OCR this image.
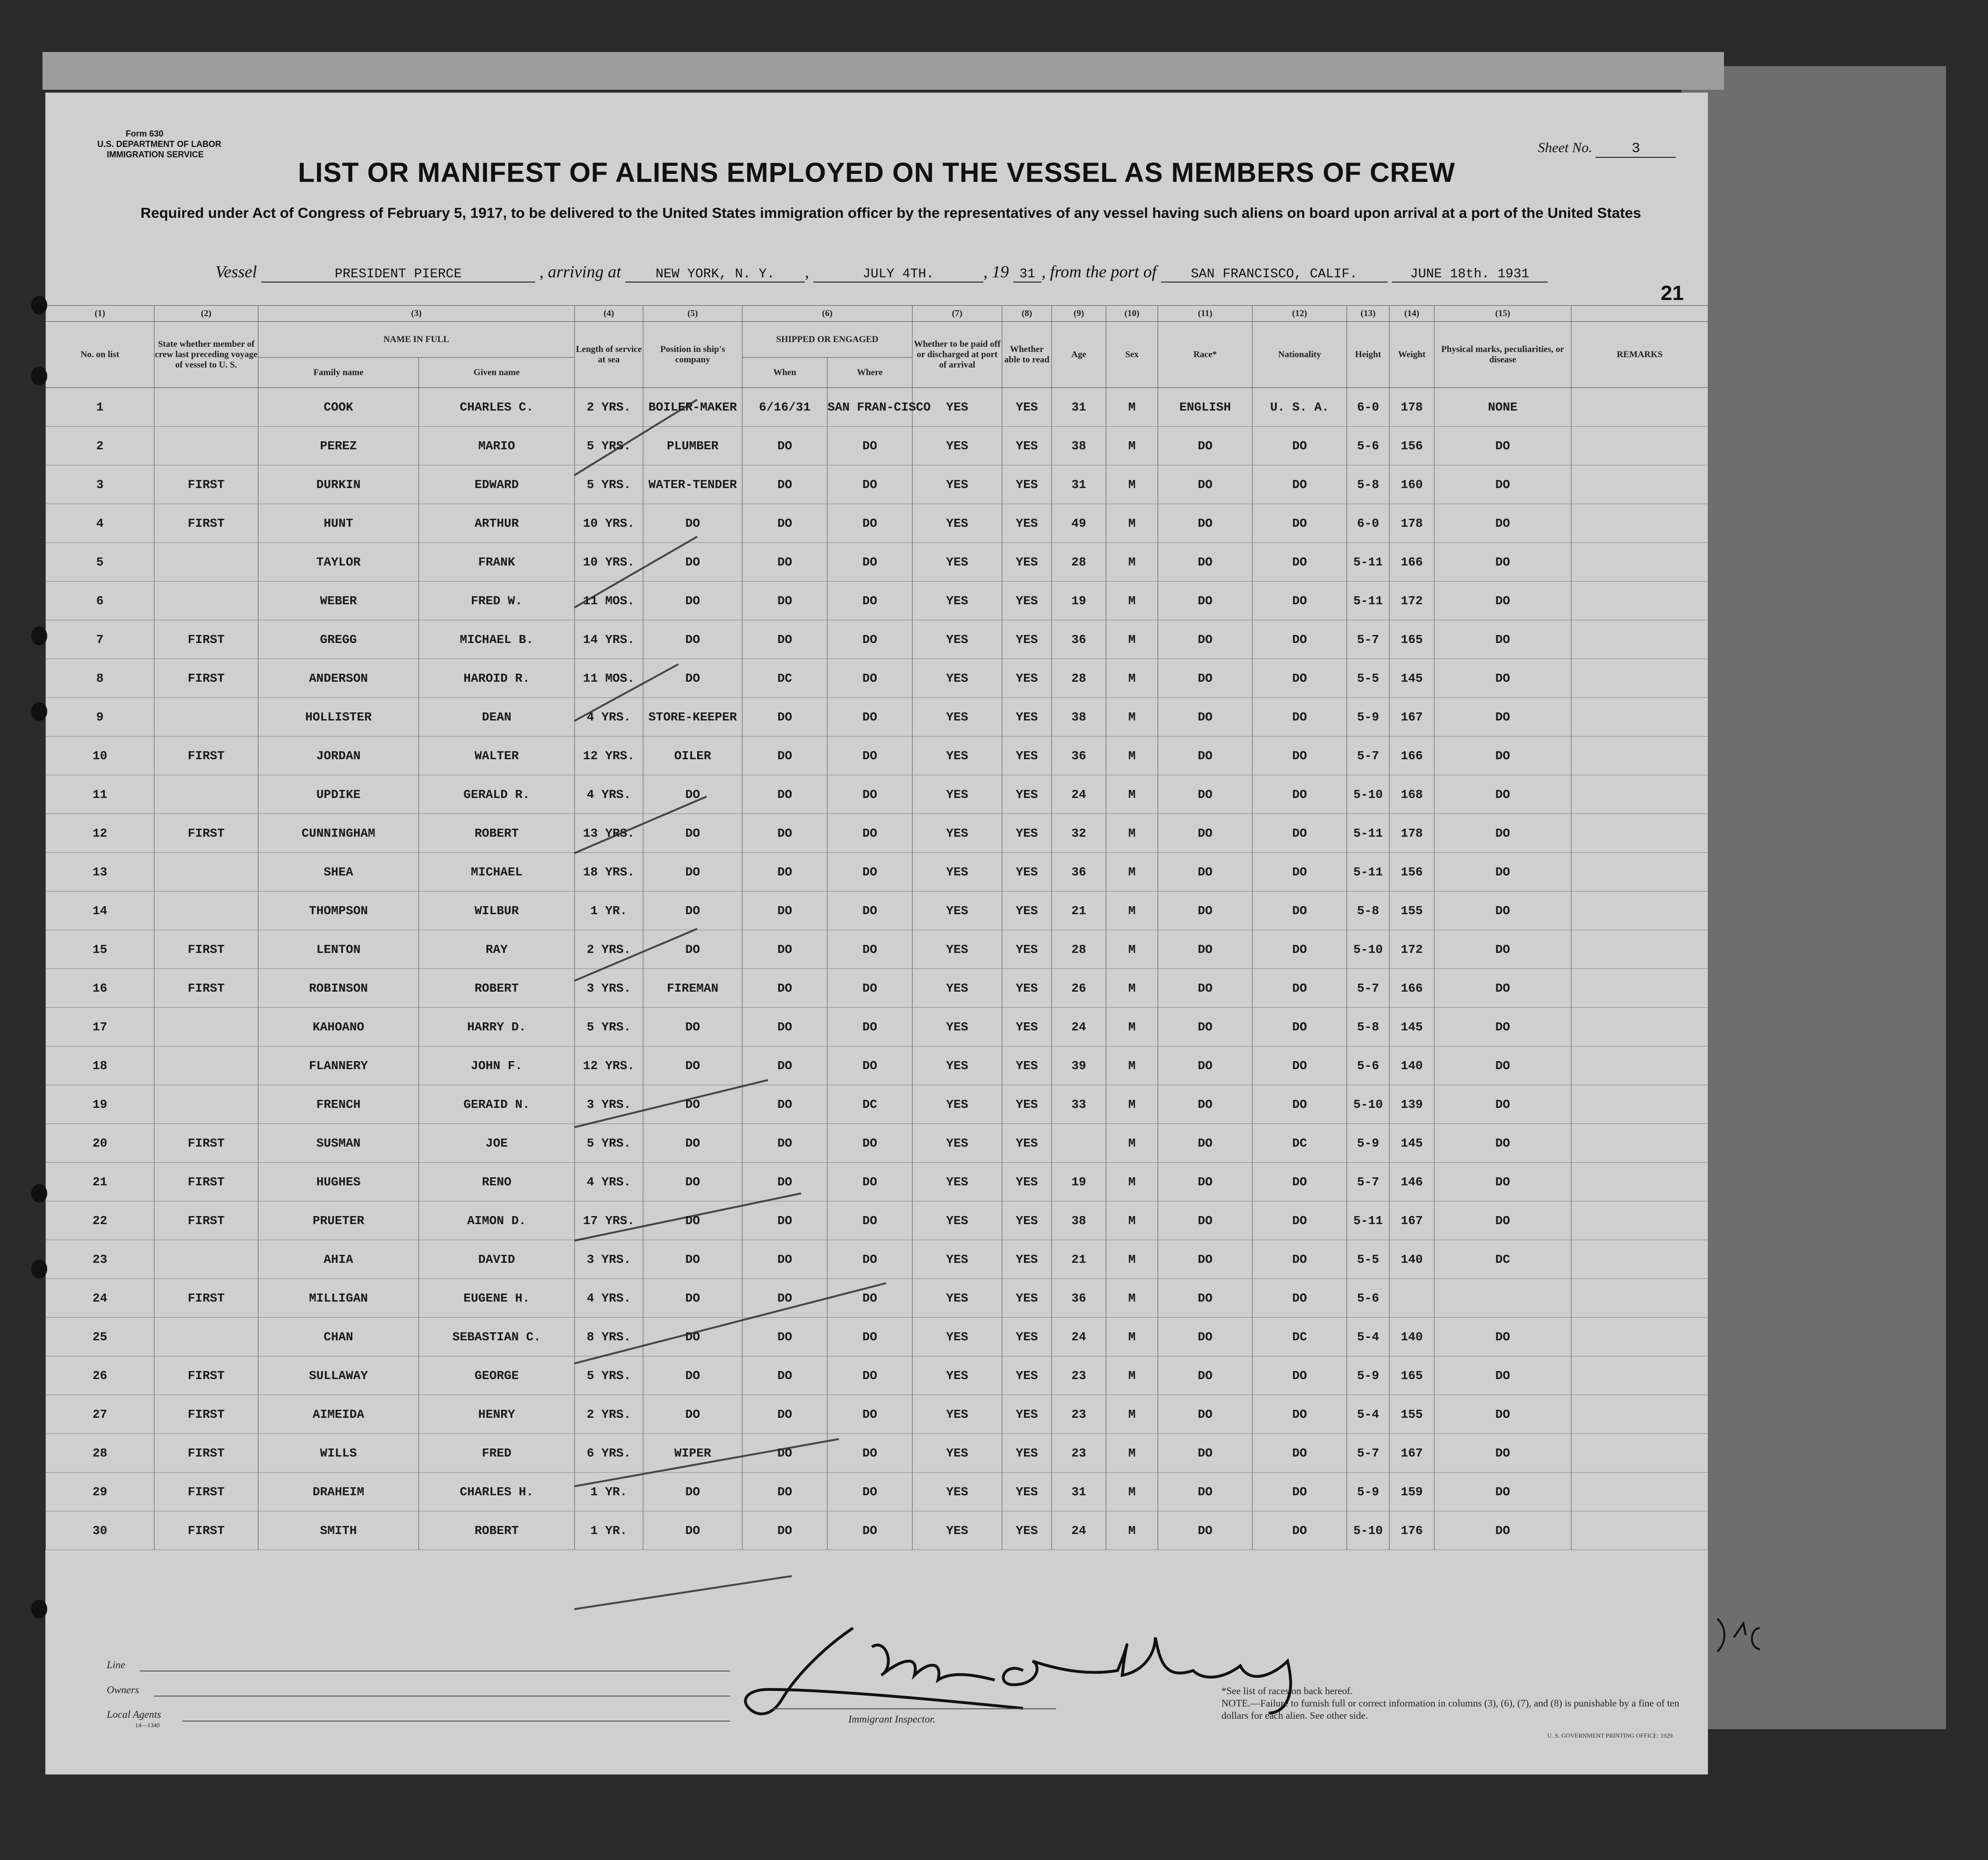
Form 630
U.S. DEPARTMENT OF LABOR
IMMIGRATION SERVICE	Sheet No.	3
LIST OR MANIFEST OF ALIENS EMPLOYED ON THE VESSEL AS MEMBERS OF CREW
Required under Act of Congress of February 5, 1917, to be delivered to the United States immigration officer by the representatives of any vessel having such aliens on board upon arrival at a port of the United States
Vessel	PRESIDENT PIERCE	, arriving at	NEW YORK, N. Y. ,	JULY 4TH.	, 19 31 , from the port of	SAN FRANCISCO, CALIF.	JUNE 18th. 1931
21
(1)	(2)	(3)		(4)	(5)	(6)		(7)	(8)	(9)	(10)	(11)	(12)	(13)	(14)	(15)	
No. on list	State whether member of crew last preceding voyage of vessel to U. S.	NAME IN FULL		Length of service at sea	Position in ship's company	SHIPPED OR ENGAGED		Whether to be paid off or discharged at port of arrival	Whether able to read	Age	Sex	Race*	Nationality	Height	Weight	Physical marks, peculiarities, or disease	REMARKS
		Family name	Given name			When	Where										
1		COOK	CHARLES C.	2 YRS.	BOILER-MAKER	6/16/31	SAN FRAN-CISCO	YES	YES	31	M	ENGLISH	U. S. A.	6-0	178	NONE	
2		PEREZ	MARIO	5 YRS.	PLUMBER	DO	DO	YES	YES	38	M	DO	DO	5-6	156	DO	
3	FIRST	DURKIN	EDWARD	5 YRS.	WATER-TENDER	DO	DO	YES	YES	31	M	DO	DO	5-8	160	DO	
4	FIRST	HUNT	ARTHUR	10 YRS.	DO	DO	DO	YES	YES	49	M	DO	DO	6-0	178	DO	
5		TAYLOR	FRANK	10 YRS.	DO	DO	DO	YES	YES	28	M	DO	DO	5-11	166	DO	
6		WEBER	FRED W.	11 MOS.	DO	DO	DO	YES	YES	19	M	DO	DO	5-11	172	DO	
7	FIRST	GREGG	MICHAEL B.	14 YRS.	DO	DO	DO	YES	YES	36	M	DO	DO	5-7	165	DO	
8	FIRST	ANDERSON	HAROID R.	11 MOS.	DO	DC	DO	YES	YES	28	M	DO	DO	5-5	145	DO	
9		HOLLISTER	DEAN	4 YRS.	STORE-KEEPER	DO	DO	YES	YES	38	M	DO	DO	5-9	167	DO	
10	FIRST	JORDAN	WALTER	12 YRS.	OILER	DO	DO	YES	YES	36	M	DO	DO	5-7	166	DO	
11		UPDIKE	GERALD R.	4 YRS.	DO	DO	DO	YES	YES	24	M	DO	DO	5-10	168	DO	
12	FIRST	CUNNINGHAM	ROBERT	13 YRS.	DO	DO	DO	YES	YES	32	M	DO	DO	5-11	178	DO	
13		SHEA	MICHAEL	18 YRS.	DO	DO	DO	YES	YES	36	M	DO	DO	5-11	156	DO	
14		THOMPSON	WILBUR	1 YR.	DO	DO	DO	YES	YES	21	M	DO	DO	5-8	155	DO	
15	FIRST	LENTON	RAY	2 YRS.	DO	DO	DO	YES	YES	28	M	DO	DO	5-10	172	DO	
16	FIRST	ROBINSON	ROBERT	3 YRS.	FIREMAN	DO	DO	YES	YES	26	M	DO	DO	5-7	166	DO	
17		KAHOANO	HARRY D.	5 YRS.	DO	DO	DO	YES	YES	24	M	DO	DO	5-8	145	DO	
18		FLANNERY	JOHN F.	12 YRS.	DO	DO	DO	YES	YES	39	M	DO	DO	5-6	140	DO	
19		FRENCH	GERAID N.	3 YRS.	DO	DO	DC	YES	YES	33	M	DO	DO	5-10	139	DO	
20	FIRST	SUSMAN	JOE	5 YRS.	DO	DO	DO	YES	YES		M	DO	DC	5-9	145	DO	
21	FIRST	HUGHES	RENO	4 YRS.	DO	DO	DO	YES	YES	19	M	DO	DO	5-7	146	DO	
22	FIRST	PRUETER	AIMON D.	17 YRS.	DO	DO	DO	YES	YES	38	M	DO	DO	5-11	167	DO	
23		AHIA	DAVID	3 YRS.	DO	DO	DO	YES	YES	21	M	DO	DO	5-5	140	DC	
24	FIRST	MILLIGAN	EUGENE H.	4 YRS.	DO	DO	DO	YES	YES	36	M	DO	DO	5-6			
25		CHAN	SEBASTIAN C.	8 YRS.	DO	DO	DO	YES	YES	24	M	DO	DC	5-4	140	DO	
26	FIRST	SULLAWAY	GEORGE	5 YRS.	DO	DO	DO	YES	YES	23	M	DO	DO	5-9	165	DO	
27	FIRST	AIMEIDA	HENRY	2 YRS.	DO	DO	DO	YES	YES	23	M	DO	DO	5-4	155	DO	
28	FIRST	WILLS	FRED	6 YRS.	WIPER	DO	DO	YES	YES	23	M	DO	DO	5-7	167	DO	
29	FIRST	DRAHEIM	CHARLES H.	1 YR.	DO	DO	DO	YES	YES	31	M	DO	DO	5-9	159	DO	
30	FIRST	SMITH	ROBERT	1 YR.	DO	DO	DO	YES	YES	24	M	DO	DO	5-10	176	DO	
Line
Owners
Local Agents
14—1340
Immigrant Inspector.
*See list of races on back hereof.
NOTE.—Failure to furnish full or correct information in columns (3), (6), (7), and (8) is punishable by a fine of ten dollars for each alien. See other side.
U. S. GOVERNMENT PRINTING OFFICE: 1929
